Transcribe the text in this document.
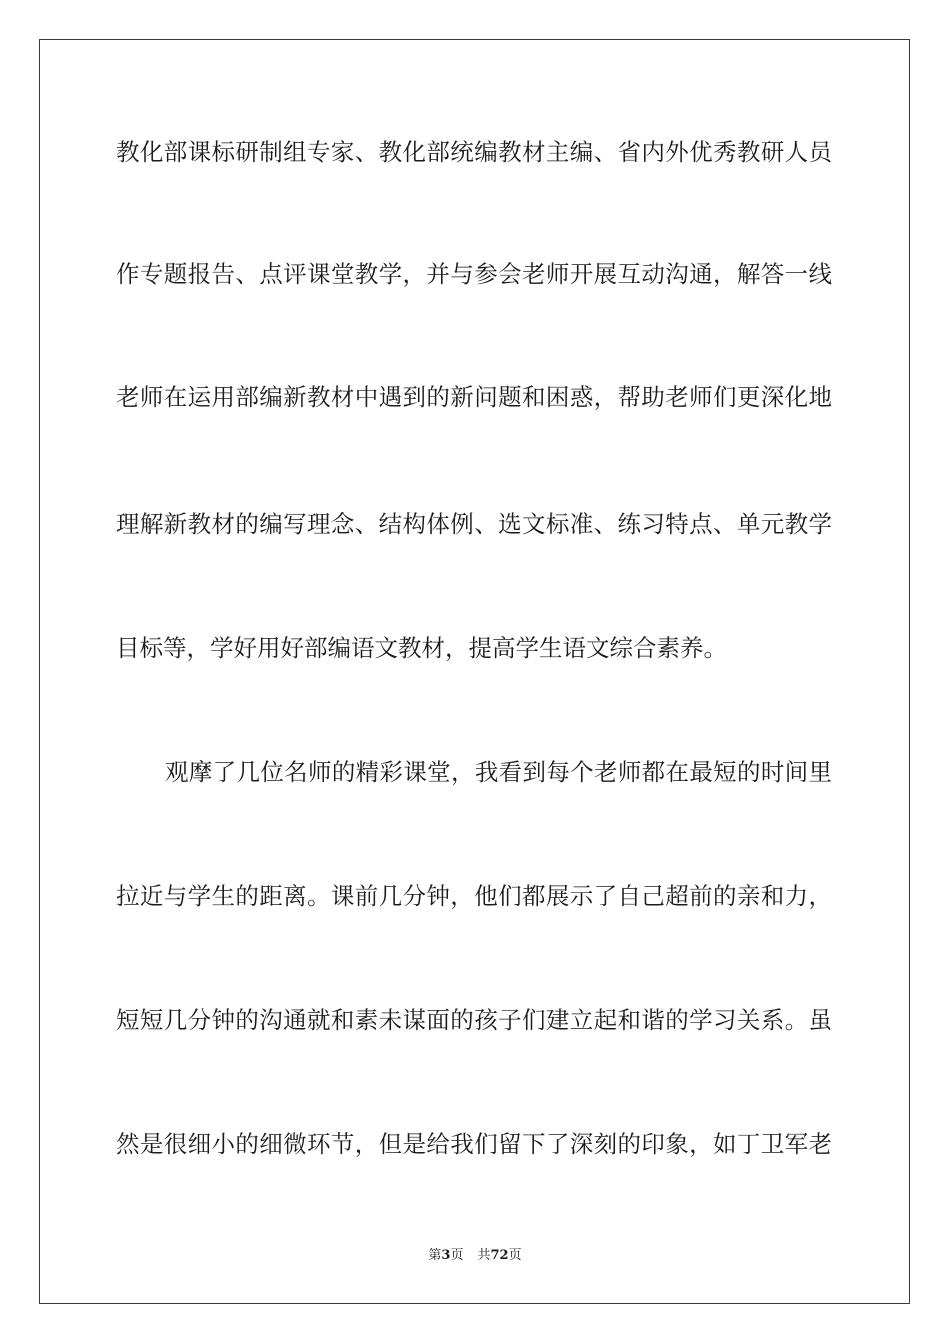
教化部课标研制组专家、教化部统编教材主编、省内外优秀教研人员
作专题报告、点评课堂教学，并与参会老师开展互动沟通，解答一线
老师在运用部编新教材中遇到的新问题和困惑，帮助老师们更深化地
理解新教材的编写理念、结构体例、选文标准、练习特点、单元教学
目标等，学好用好部编语文教材，提高学生语文综合素养。
观摩了几位名师的精彩课堂，我看到每个老师都在最短的时间里
拉近与学生的距离。课前几分钟，他们都展示了自己超前的亲和力，
短短几分钟的沟通就和素未谋面的孩子们建立起和谐的学习关系。虽
然是很细小的细微环节，但是给我们留下了深刻的印象，如丁卫军老
第3页 共72页
